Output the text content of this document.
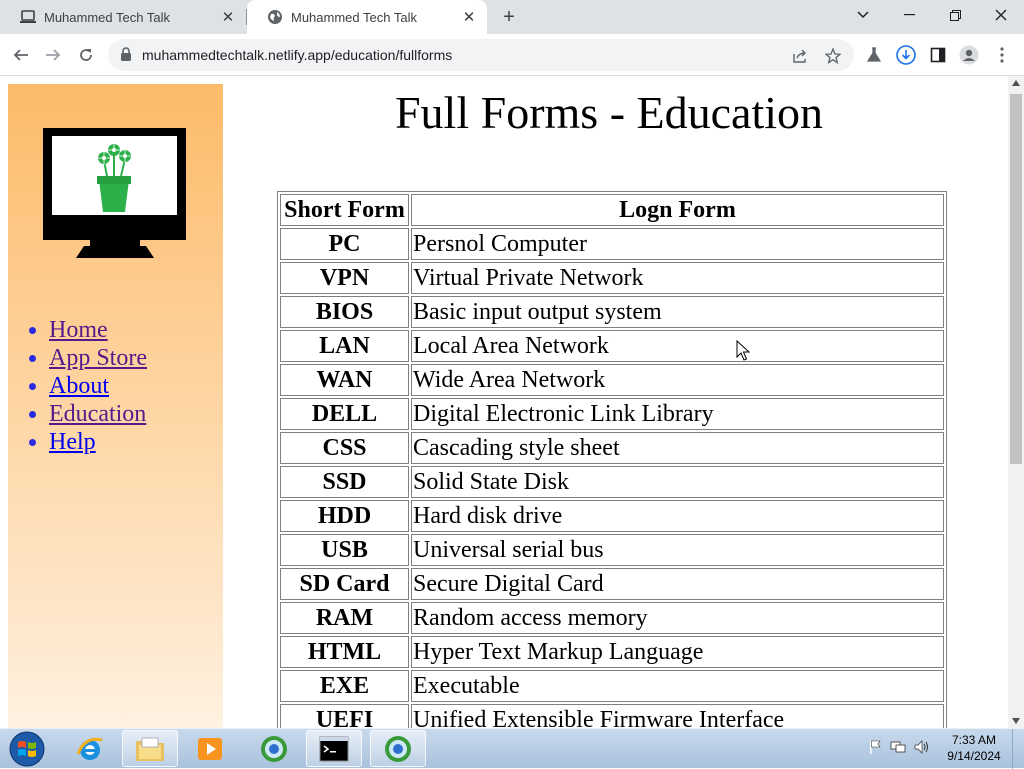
Muhammed Tech Talk	✕	Muhammed Tech Talk	✕	+
muhammedtechtalk.netlify.app/education/fullforms
• Home
• App Store
• About
• Education
• Help
Full Forms - Education
Short Form	Logn Form
PC	Persnol Computer
VPN	Virtual Private Network
BIOS	Basic input output system
LAN	Local Area Network
WAN	Wide Area Network
DELL	Digital Electronic Link Library
CSS	Cascading style sheet
SSD	Solid State Disk
HDD	Hard disk drive
USB	Universal serial bus
SD Card	Secure Digital Card
RAM	Random access memory
HTML	Hyper Text Markup Language
EXE	Executable
UEFI	Unified Extensible Firmware Interface
7:33 AM
9/14/2024
